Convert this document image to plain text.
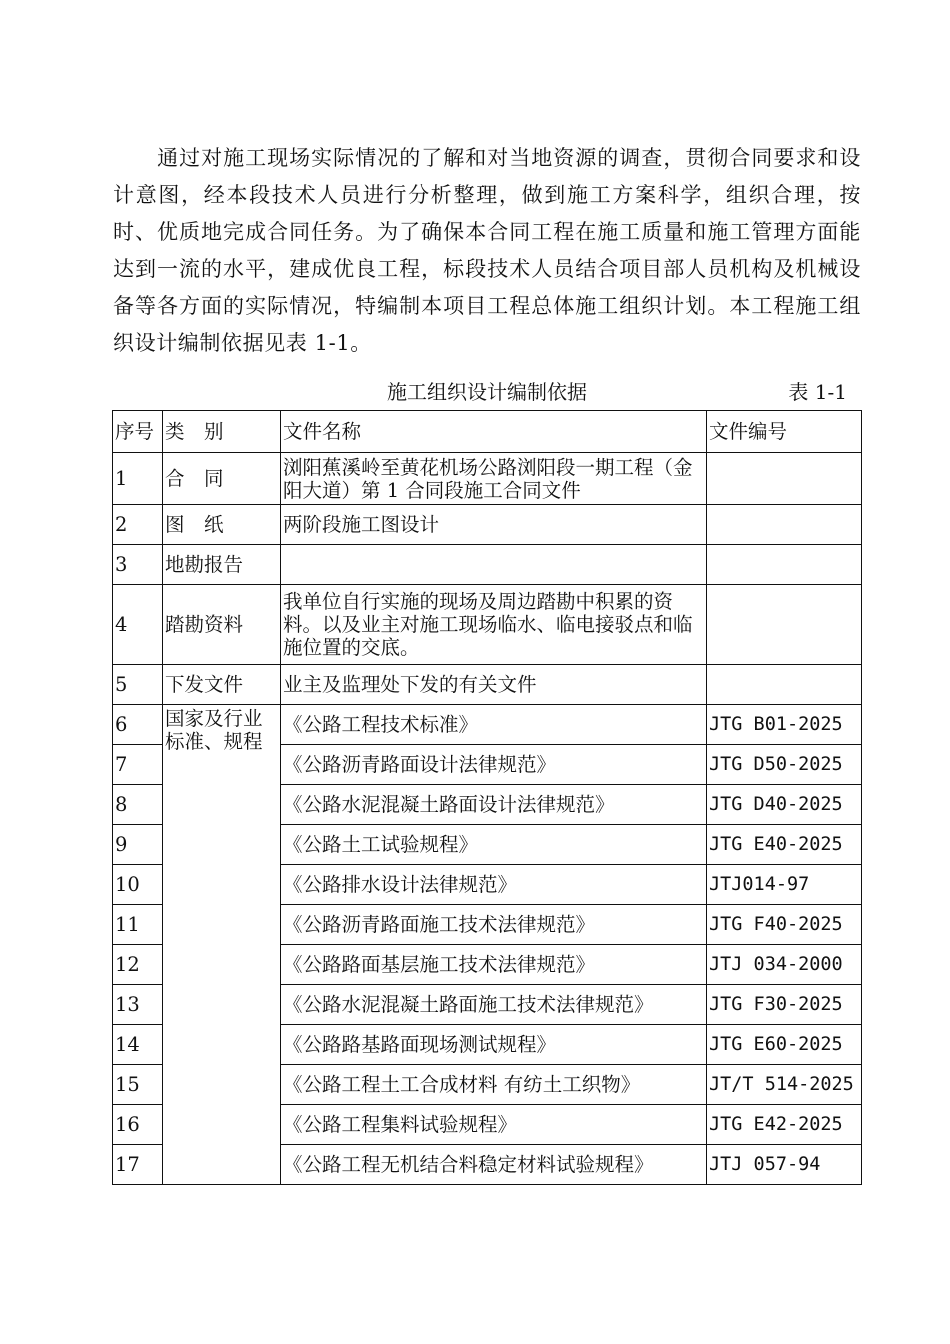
通过对施工现场实际情况的了解和对当地资源的调查，贯彻合同要求和设计意图，经本段技术人员进行分析整理，做到施工方案科学，组织合理，按时、优质地完成合同任务。为了确保本合同工程在施工质量和施工管理方面能达到一流的水平，建成优良工程，标段技术人员结合项目部人员机构及机械设备等各方面的实际情况，特编制本项目工程总体施工组织计划。本工程施工组织设计编制依据见表 1-1。

施工组织设计编制依据	表 1-1
序号	类　别	文件名称	文件编号
1	合　同	浏阳蕉溪岭至黄花机场公路浏阳段一期工程（金阳大道）第 1 合同段施工合同文件	
2	图　纸	两阶段施工图设计	
3	地勘报告		
4	踏勘资料	我单位自行实施的现场及周边踏勘中积累的资料。以及业主对施工现场临水、临电接驳点和临施位置的交底。	
5	下发文件	业主及监理处下发的有关文件	
6	国家及行业标准、规程	《公路工程技术标准》	JTG B01-2025
7		《公路沥青路面设计法律规范》	JTG D50-2025
8		《公路水泥混凝土路面设计法律规范》	JTG D40-2025
9		《公路土工试验规程》	JTG E40-2025
10		《公路排水设计法律规范》	JTJ014-97
11		《公路沥青路面施工技术法律规范》	JTG F40-2025
12		《公路路面基层施工技术法律规范》	JTJ 034-2000
13		《公路水泥混凝土路面施工技术法律规范》	JTG F30-2025
14		《公路路基路面现场测试规程》	JTG E60-2025
15		《公路工程土工合成材料 有纺土工织物》	JT/T 514-2025
16		《公路工程集料试验规程》	JTG E42-2025
17		《公路工程无机结合料稳定材料试验规程》	JTJ 057-94
